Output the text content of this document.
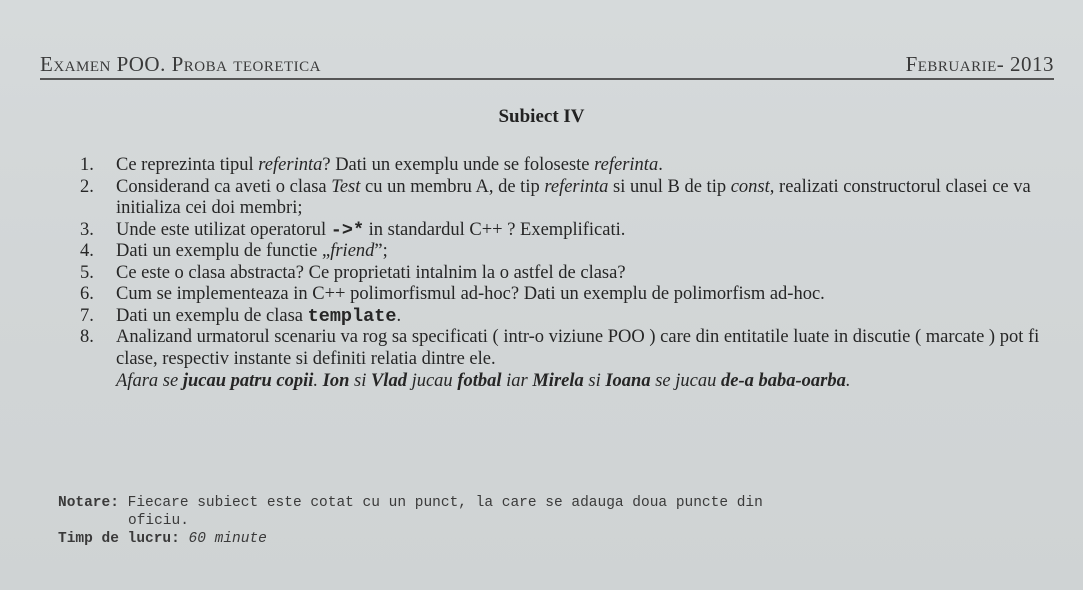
Examen POO. Proba teoretica	Februarie- 2013
Subiect IV
1.	Ce reprezinta tipul referinta? Dati un exemplu unde se foloseste referinta.
2.	Considerand ca aveti o clasa Test cu un membru A, de tip referinta si unul B de tip const, realizati constructorul clasei ce va initializa cei doi membri;
3.	Unde este utilizat operatorul ->* in standardul C++ ? Exemplificati.
4.	Dati un exemplu de functie „friend”;
5.	Ce este o clasa abstracta? Ce proprietati intalnim la o astfel de clasa?
6.	Cum se implementeaza in C++ polimorfismul ad-hoc? Dati un exemplu de polimorfism ad-hoc.
7.	Dati un exemplu de clasa template.
8.	Analizand urmatorul scenariu va rog sa specificati ( intr-o viziune POO ) care din entitatile luate in discutie ( marcate ) pot fi clase, respectiv instante si definiti relatia dintre ele.
Afara se jucau patru copii. Ion si Vlad jucau fotbal iar Mirela si Ioana se jucau de-a baba-oarba.
Notare: Fiecare subiect este cotat cu un punct, la care se adauga doua puncte din
oficiu.
Timp de lucru: 60 minute
